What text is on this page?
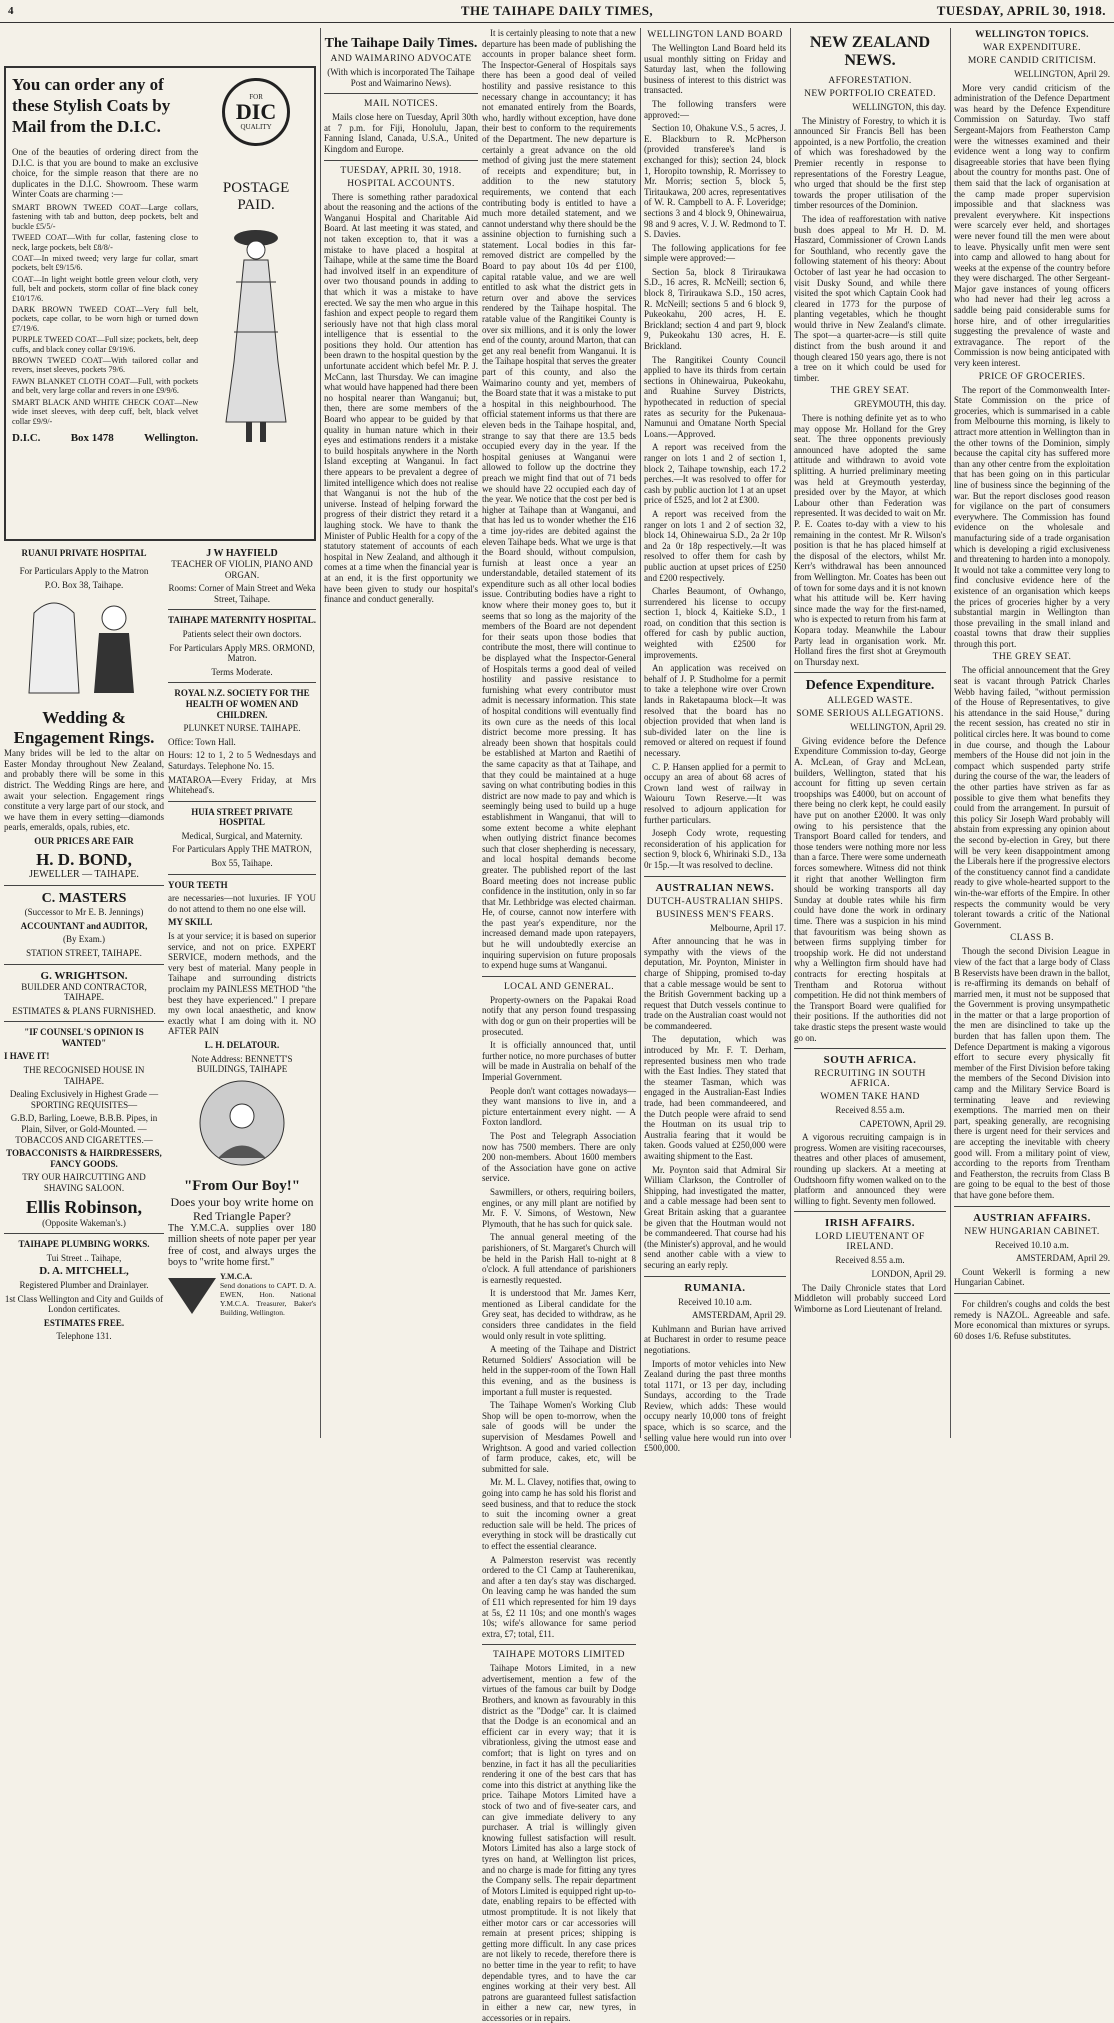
4	THE TAIHAPE DAILY TIMES,	TUESDAY, APRIL 30, 1918.
You can order any of these Stylish Coats by Mail from the D.I.C.

One of the beauties of ordering direct from the D.I.C. is that you are bound to make an exclusive choice, for the simple reason that there are no duplicates in the D.I.C. Showroom. These warm Winter Coats are charming :—

SMART BROWN TWEED COAT—Large collars, fastening with tab and button, deep pockets, belt and buckle £5/5/-

TWEED COAT—With fur collar, fastening close to neck, large pockets, belt £8/8/-

COAT—In mixed tweed; very large fur collar, smart pockets, belt £9/15/6.

COAT—In light weight bottle green velour cloth, very full, belt and pockets, storm collar of fine black coney £10/17/6.

DARK BROWN TWEED COAT—Very full belt, pockets, cape collar, to be worn high or turned down £7/19/6.

PURPLE TWEED COAT—Full size; pockets, belt, deep cuffs, and black coney collar £9/19/6.

BROWN TWEED COAT—With tailored collar and revers, inset sleeves, pockets 79/6.

FAWN BLANKET CLOTH COAT—Full, with pockets and belt, very large collar and revers in one £9/9/6.

SMART BLACK AND WHITE CHECK COAT—New wide inset sleeves, with deep cuff, belt, black velvet collar £9/9/-

D.I.C.	Box 1478	Wellington.
FOR
DIC
QUALITY
POSTAGE PAID.
RUANUI PRIVATE HOSPITAL

For Particulars Apply to the Matron

P.O. Box 38, Taihape.

Wedding & Engagement Rings.

Many brides will be led to the altar on Easter Monday throughout New Zealand, and probably there will be some in this district. The Wedding Rings are here, and await your selection. Engagement rings constitute a very large part of our stock, and we have them in every setting—diamonds pearls, emeralds, opals, rubies, etc.

OUR PRICES ARE FAIR

H. D. BOND,

JEWELLER — TAIHAPE.

C. MASTERS

(Successor to Mr E. B. Jennings)

ACCOUNTANT and AUDITOR,

(By Exam.)

STATION STREET, TAIHAPE.

G. WRIGHTSON.

BUILDER AND CONTRACTOR, TAIHAPE.

ESTIMATES & PLANS FURNISHED.

"IF COUNSEL'S OPINION IS WANTED"

I HAVE IT!

THE RECOGNISED HOUSE IN TAIHAPE.

Dealing Exclusively in Highest Grade —SPORTING REQUISITES—

G.B.D, Barling, Loewe, B.B.B. Pipes, in Plain, Silver, or Gold-Mounted. —TOBACCOS AND CIGARETTES.—

TOBACCONISTS & HAIRDRESSERS, FANCY GOODS.

TRY OUR HAIRCUTTING AND SHAVING SALOON.

Ellis Robinson,

(Opposite Wakeman's.)

TAIHAPE PLUMBING WORKS.

Tui Street .. Taihape,

D. A. MITCHELL,

Registered Plumber and Drainlayer.

1st Class Wellington and City and Guilds of London certificates.

ESTIMATES FREE.

Telephone 131.

J W HAYFIELD

TEACHER OF VIOLIN, PIANO AND ORGAN.

Rooms: Corner of Main Street and Weka Street, Taihape.

TAIHAPE MATERNITY HOSPITAL.

Patients select their own doctors.

For Particulars Apply MRS. ORMOND, Matron.

Terms Moderate.

ROYAL N.Z. SOCIETY FOR THE HEALTH OF WOMEN AND CHILDREN.

PLUNKET NURSE. TAIHAPE.

Office: Town Hall.

Hours: 12 to 1, 2 to 5 Wednesdays and Saturdays. Telephone No. 15.

MATAROA—Every Friday, at Mrs Whitehead's.

HUIA STREET PRIVATE HOSPITAL

Medical, Surgical, and Maternity.

For Particulars Apply THE MATRON,

Box 55, Taihape.

YOUR TEETH

are necessaries—not luxuries. IF YOU do not attend to them no one else will.

MY SKILL

Is at your service; it is based on superior service, and not on price. EXPERT SERVICE, modern methods, and the very best of material. Many people in Taihape and surrounding districts proclaim my PAINLESS METHOD "the best they have experienced." I prepare my own local anaesthetic, and know exactly what I am doing with it. NO AFTER PAIN

L. H. DELATOUR.

Note Address: BENNETT'S BUILDINGS, TAIHAPE

"From Our Boy!"
Does your boy write home on Red Triangle Paper?

The Y.M.C.A. supplies over 180 million sheets of note paper per year free of cost, and always urges the boys to "write home first."

Y.M.C.A.

Send donations to CAPT. D. A. EWEN, Hon. National Y.M.C.A. Treasurer, Baker's Building, Wellington.

The Taihape Daily Times.
AND WAIMARINO ADVOCATE

(With which is incorporated The Taihape Post and Waimarino News).

MAIL NOTICES.

Mails close here on Tuesday, April 30th at 7 p.m. for Fiji, Honolulu, Japan, Fanning Island, Canada, U.S.A., United Kingdom and Europe.

TUESDAY, APRIL 30, 1918.
HOSPITAL ACCOUNTS.

There is something rather paradoxical about the reasoning and the actions of the Wanganui Hospital and Charitable Aid Board. At last meeting it was stated, and not taken exception to, that it was a mistake to have placed a hospital at Taihape, while at the same time the Board had involved itself in an expenditure of over two thousand pounds in adding to that which it was a mistake to have erected. We say the men who argue in this fashion and expect people to regard them seriously have not that high class moral intelligence that is essential to the positions they hold. Our attention has been drawn to the hospital question by the unfortunate accident which befel Mr. P. J. McCann, last Thursday. We can imagine what would have happened had there been no hospital nearer than Wanganui; but, then, there are some members of the Board who appear to be guided by that quality in human nature which in their eyes and estimations renders it a mistake to build hospitals anywhere in the North Island excepting at Wanganui. In fact there appears to be prevalent a degree of limited intelligence which does not realise that Wanganui is not the hub of the universe. Instead of helping forward the progress of their district they retard it a laughing stock. We have to thank the Minister of Public Health for a copy of the statutory statement of accounts of each hospital in New Zealand, and although it comes at a time when the financial year is at an end, it is the first opportunity we have been given to study our hospital's finance and conduct generally.

It is certainly pleasing to note that a new departure has been made of publishing the accounts in proper balance sheet form. The Inspector-General of Hospitals says there has been a good deal of veiled hostility and passive resistance to this necessary change in accountancy; it has not emanated entirely from the Boards, who, hardly without exception, have done their best to conform to the requirements of the Department. The new departure is certainly a great advance on the old method of giving just the mere statement of receipts and expenditure; but, in addition to the new statutory requirements, we contend that each contributing body is entitled to have a much more detailed statement, and we cannot understand why there should be the assinine objection to furnishing such a statement. Local bodies in this far-removed district are compelled by the Board to pay about 10s 4d per £100, capital ratable value, and we are well entitled to ask what the district gets in return over and above the services rendered by the Taihape hospital. The ratable value of the Rangitikei County is over six millions, and it is only the lower end of the county, around Marton, that can get any real benefit from Wanganui. It is the Taihape hospital that serves the greater part of this county, and also the Waimarino county and yet, members of the Board state that it was a mistake to put a hospital in this neighbourhood. The official statement informs us that there are eleven beds in the Taihape hospital, and, strange to say that there are 13.5 beds occupied every day in the year. If the hospital geniuses at Wanganui were allowed to follow up the doctrine they preach we might find that out of 71 beds we should have 22 occupied each day of the year. We notice that the cost per bed is higher at Taihape than at Wanganui, and that has led us to wonder whether the £16 a time joy-rides are debited against the eleven Taihape beds. What we urge is that the Board should, without compulsion, furnish at least once a year an understandable, detailed statement of its expenditure such as all other local bodies issue. Contributing bodies have a right to know where their money goes to, but it seems that so long as the majority of the members of the Board are not dependent for their seats upon those bodies that contribute the most, there will continue to be displayed what the Inspector-General of Hospitals terms a good deal of veiled hostility and passive resistance to furnishing what every contributor must admit is necessary information. This state of hospital conditions will eventually find its own cure as the needs of this local district become more pressing. It has already been shown that hospitals could be established at Marton and Raetihi of the same capacity as that at Taihape, and that they could be maintained at a huge saving on what contributing bodies in this district are now made to pay and which is seemingly being used to build up a huge establishment in Wanganui, that will to some extent become a white elephant when outlying district finance becomes such that closer shepherding is necessary, and local hospital demands become greater. The published report of the last Board meeting does not increase public confidence in the institution, only in so far that Mr. Lethbridge was elected chairman. He, of course, cannot now interfere with the past year's expenditure, nor the increased demand made upon ratepayers, but he will undoubtedly exercise an inquiring supervision on future proposals to expend huge sums at Wanganui.

LOCAL AND GENERAL.

Property-owners on the Papakai Road notify that any person found trespassing with dog or gun on their properties will be prosecuted.

It is officially announced that, until further notice, no more purchases of butter will be made in Australia on behalf of the Imperial Government.

People don't want cottages nowadays—they want mansions to live in, and a picture entertainment every night. — A Foxton landlord.

The Post and Telegraph Association now has 7500 members. There are only 200 non-members. About 1600 members of the Association have gone on active service.

Sawmillers, or others, requiring boilers, engines, or any mill plant are notified by Mr. F. V. Simons, of Westown, New Plymouth, that he has such for quick sale.

The annual general meeting of the parishioners, of St. Margaret's Church will be held in the Parish Hall to-night at 8 o'clock. A full attendance of parishioners is earnestly requested.

It is understood that Mr. James Kerr, mentioned as Liberal candidate for the Grey seat, has decided to withdraw, as he considers three candidates in the field would only result in vote splitting.

A meeting of the Taihape and District Returned Soldiers' Association will be held in the supper-room of the Town Hall this evening, and as the business is important a full muster is requested.

The Taihape Women's Working Club Shop will be open to-morrow, when the sale of goods will be under the supervision of Mesdames Powell and Wrightson. A good and varied collection of farm produce, cakes, etc, will be submitted for sale.

Mr. M. L. Clavey, notifies that, owing to going into camp he has sold his florist and seed business, and that to reduce the stock to suit the incoming owner a great reduction sale will be held. The prices of everything in stock will be drastically cut to effect the essential clearance.

A Palmerston reservist was recently ordered to the C1 Camp at Tauherenikau, and after a ten day's stay was discharged. On leaving camp he was handed the sum of £11 which represented for him 19 days at 5s, £2 11 10s; and one month's wages 10s; wife's allowance for same period extra, £7; total, £11.

TAIHAPE MOTORS LIMITED

Taihape Motors Limited, in a new advertisement, mention a few of the virtues of the famous car built by Dodge Brothers, and known as favourably in this district as the "Dodge" car. It is claimed that the Dodge is an economical and an efficient car in every way; that it is vibrationless, giving the utmost ease and comfort; that is light on tyres and on benzine, in fact it has all the peculiarities rendering it one of the best cars that has come into this district at anything like the price. Taihape Motors Limited have a stock of two and of five-seater cars, and can give immediate delivery to any purchaser. A trial is willingly given knowing fullest satisfaction will result. Motors Limited has also a large stock of tyres on hand, at Wellington list prices, and no charge is made for fitting any tyres the Company sells. The repair department of Motors Limited is equipped right up-to-date, enabling repairs to be effected with utmost promptitude. It is not likely that either motor cars or car accessories will remain at present prices; shipping is getting more difficult. In any case prices are not likely to recede, therefore there is no better time in the year to refit; to have dependable tyres, and to have the car engines working at their very best. All patrons are guaranteed fullest satisfaction in either a new car, new tyres, in accessories or in repairs.

WELLINGTON LAND BOARD

The Wellington Land Board held its usual monthly sitting on Friday and Saturday last, when the following business of interest to this district was transacted.

The following transfers were approved:—

Section 10, Ohakune V.S., 5 acres, J. E. Blackburn to R. McPherson (provided transferee's land is exchanged for this); section 24, block 1, Horopito township, R. Morrissey to Mr. Morris; section 5, block 5, Tiritaukawa, 200 acres, representatives of W. R. Campbell to A. F. Loveridge; sections 3 and 4 block 9, Ohinewairua, 98 and 9 acres, V. J. W. Redmond to T. S. Davies.

The following applications for fee simple were approved:—

Section 5a, block 8 Tiriraukawa S.D., 16 acres, R. McNeill; section 6, block 8, Tiriraukawa S.D., 150 acres, R. McNeill; sections 5 and 6 block 9, Pukeokahu, 200 acres, H. E. Brickland; section 4 and part 9, block 9, Pukeokahu 130 acres, H. E. Brickland.

The Rangitikei County Council applied to have its thirds from certain sections in Ohinewairua, Pukeokahu, and Ruahine Survey Districts, hypothecated in reduction of special rates as security for the Pukenaua-Namunui and Omatane North Special Loans.—Approved.

A report was received from the ranger on lots 1 and 2 of section 1, block 2, Taihape township, each 17.2 perches.—It was resolved to offer for cash by public auction lot 1 at an upset price of £525, and lot 2 at £300.

A report was received from the ranger on lots 1 and 2 of section 32, block 14, Ohinewairua S.D., 2a 2r 10p and 2a 0r 18p respectively.—It was resolved to offer them for cash by public auction at upset prices of £250 and £200 respectively.

Charles Beaumont, of Owhango, surrendered his license to occupy section 1, block 4, Kaitieke S.D., 1 road, on condition that this section is offered for cash by public auction, weighted with £2500 for improvements.

An application was received on behalf of J. P. Studholme for a permit to take a telephone wire over Crown lands in Raketapauma block—It was resolved that the board has no objection provided that when land is sub-divided later on the line is removed or altered on request if found necessary.

C. P. Hansen applied for a permit to occupy an area of about 68 acres of Crown land west of railway in Waiouru Town Reserve.—It was resolved to adjourn application for further particulars.

Joseph Cody wrote, requesting reconsideration of his application for section 9, block 6, Whirinaki S.D., 13a 0r 15p.—It was resolved to decline.

AUSTRALIAN NEWS.
DUTCH-AUSTRALIAN SHIPS.
BUSINESS MEN'S FEARS.

Melbourne, April 17.

After announcing that he was in sympathy with the views of the deputation, Mr. Poynton, Minister in charge of Shipping, promised to-day that a cable message would be sent to the British Government backing up a request that Dutch vessels continue to trade on the Australian coast would not be commandeered.

The deputation, which was introduced by Mr. F. T. Derham, represented business men who trade with the East Indies. They stated that the steamer Tasman, which was engaged in the Australian-East Indies trade, had been commandeered, and the Dutch people were afraid to send the Houtman on its usual trip to Australia fearing that it would be taken. Goods valued at £250,000 were awaiting shipment to the East.

Mr. Poynton said that Admiral Sir William Clarkson, the Controller of Shipping, had investigated the matter, and a cable message had been sent to Great Britain asking that a guarantee be given that the Houtman would not be commandeered. That course had his (the Minister's) approval, and he would send another cable with a view to securing an early reply.

RUMANIA.

Received 10.10 a.m.

AMSTERDAM, April 29.

Kuhlmann and Burian have arrived at Bucharest in order to resume peace negotiations.

Imports of motor vehicles into New Zealand during the past three months total 1171, or 13 per day, including Sundays, according to the Trade Review, which adds: These would occupy nearly 10,000 tons of freight space, which is so scarce, and the selling value here would run into over £500,000.

NEW ZEALAND NEWS.
AFFORESTATION.
NEW PORTFOLIO CREATED.

WELLINGTON, this day.

The Ministry of Forestry, to which it is announced Sir Francis Bell has been appointed, is a new Portfolio, the creation of which was foreshadowed by the Premier recently in response to representations of the Forestry League, who urged that should be the first step towards the proper utilisation of the timber resources of the Dominion.

The idea of reafforestation with native bush does appeal to Mr H. D. M. Haszard, Commissioner of Crown Lands for Southland, who recently gave the following statement of his theory: About October of last year he had occasion to visit Dusky Sound, and while there visited the spot which Captain Cook had cleared in 1773 for the purpose of planting vegetables, which he thought would thrive in New Zealand's climate. The spot—a quarter-acre—is still quite distinct from the bush around it and though cleared 150 years ago, there is not a tree on it which could be used for timber.

THE GREY SEAT.

GREYMOUTH, this day.

There is nothing definite yet as to who may oppose Mr. Holland for the Grey seat. The three opponents previously announced have adopted the same attitude and withdrawn to avoid vote splitting. A hurried preliminary meeting was held at Greymouth yesterday, presided over by the Mayor, at which Labour other than Federation was represented. It was decided to wait on Mr. P. E. Coates to-day with a view to his remaining in the contest. Mr R. Wilson's position is that he has placed himself at the disposal of the electors, whilst Mr. Kerr's withdrawal has been announced from Wellington. Mr. Coates has been out of town for some days and it is not known what his attitude will be. Kerr having since made the way for the first-named, who is expected to return from his farm at Kopara today. Meanwhile the Labour Party lead in organisation work. Mr. Holland fires the first shot at Greymouth on Thursday next.

Defence Expenditure.
ALLEGED WASTE.
SOME SERIOUS ALLEGATIONS.

WELLINGTON, April 29.

Giving evidence before the Defence Expenditure Commission to-day, George A. McLean, of Gray and McLean, builders, Wellington, stated that his account for fitting up seven certain troopships was £4000, but on account of there being no clerk kept, he could easily have put on another £2000. It was only owing to his persistence that the Transport Board called for tenders, and those tenders were nothing more nor less than a farce. There were some underneath forces somewhere. Witness did not think it right that another Wellington firm should be working transports all day Sunday at double rates while his firm could have done the work in ordinary time. There was a suspicion in his mind that favouritism was being shown as between firms supplying timber for troopship work. He did not understand why a Wellington firm should have had contracts for erecting hospitals at Trentham and Rotorua without competition. He did not think members of the Transport Board were qualified for their positions. If the authorities did not take drastic steps the present waste would go on.

SOUTH AFRICA.
RECRUITING IN SOUTH AFRICA.
WOMEN TAKE HAND

Received 8.55 a.m.

CAPETOWN, April 29.

A vigorous recruiting campaign is in progress. Women are visiting racecourses, theatres and other places of amusement, rounding up slackers. At a meeting at Oudtshoorn fifty women walked on to the platform and announced they were willing to fight. Seventy men followed.

IRISH AFFAIRS.
LORD LIEUTENANT OF IRELAND.

Received 8.55 a.m.

LONDON, April 29.

The Daily Chronicle states that Lord Middleton will probably succeed Lord Wimborne as Lord Lieutenant of Ireland.

WELLINGTON TOPICS.
WAR EXPENDITURE.
MORE CANDID CRITICISM.

WELLINGTON, April 29.

More very candid criticism of the administration of the Defence Department was heard by the Defence Expenditure Commission on Saturday. Two staff Sergeant-Majors from Featherston Camp were the witnesses examined and their evidence went a long way to confirm disagreeable stories that have been flying about the country for months past. One of them said that the lack of organisation at the camp made proper supervision impossible and that slackness was prevalent everywhere. Kit inspections were scarcely ever held, and shortages were never found till the men were about to leave. Physically unfit men were sent into camp and allowed to hang about for weeks at the expense of the country before they were discharged. The other Sergeant-Major gave instances of young officers who had never had their leg across a saddle being paid considerable sums for horse hire, and of other irregularities suggesting the prevalence of waste and extravagance. The report of the Commission is now being anticipated with very keen interest.

PRICE OF GROCERIES.

The report of the Commonwealth Inter-State Commission on the price of groceries, which is summarised in a cable from Melbourne this morning, is likely to attract more attention in Wellington than in the other towns of the Dominion, simply because the capital city has suffered more than any other centre from the exploitation that has been going on in this particular line of business since the beginning of the war. But the report discloses good reason for vigilance on the part of consumers everywhere. The Commission has found evidence on the wholesale and manufacturing side of a trade organisation which is developing a rigid exclusiveness and threatening to harden into a monopoly. It would not take a committee very long to find conclusive evidence here of the existence of an organisation which keeps the prices of groceries higher by a very substantial margin in Wellington than those prevailing in the small inland and coastal towns that draw their supplies through this port.

THE GREY SEAT.

The official announcement that the Grey seat is vacant through Patrick Charles Webb having failed, "without permission of the House of Representatives, to give his attendance in the said House," during the recent session, has created no stir in political circles here. It was bound to come in due course, and though the Labour members of the House did not join in the compact which suspended party strife during the course of the war, the leaders of the other parties have striven as far as possible to give them what benefits they could from the arrangement. In pursuit of this policy Sir Joseph Ward probably will abstain from expressing any opinion about the second by-election in Grey, but there will be very keen disappointment among the Liberals here if the progressive electors of the constituency cannot find a candidate ready to give whole-hearted support to the win-the-war efforts of the Empire. In other respects the community would be very tolerant towards a critic of the National Government.

CLASS B.

Though the second Division League in view of the fact that a large body of Class B Reservists have been drawn in the ballot, is re-affirming its demands on behalf of married men, it must not be supposed that the Government is proving unsympathetic in the matter or that a large proportion of the men are disinclined to take up the burden that has fallen upon them. The Defence Department is making a vigorous effort to secure every physically fit member of the First Division before taking the members of the Second Division into camp and the Military Service Board is terminating leave and reviewing exemptions. The married men on their part, speaking generally, are recognising there is urgent need for their services and are accepting the inevitable with cheery good will. From a military point of view, according to the reports from Trentham and Featherston, the recruits from Class B are going to be equal to the best of those that have gone before them.

AUSTRIAN AFFAIRS.
NEW HUNGARIAN CABINET.

Received 10.10 a.m.

AMSTERDAM, April 29.

Count Wekerll is forming a new Hungarian Cabinet.

For children's coughs and colds the best remedy is NAZOL. Agreeable and safe. More economical than mixtures or syrups. 60 doses 1/6. Refuse substitutes.
